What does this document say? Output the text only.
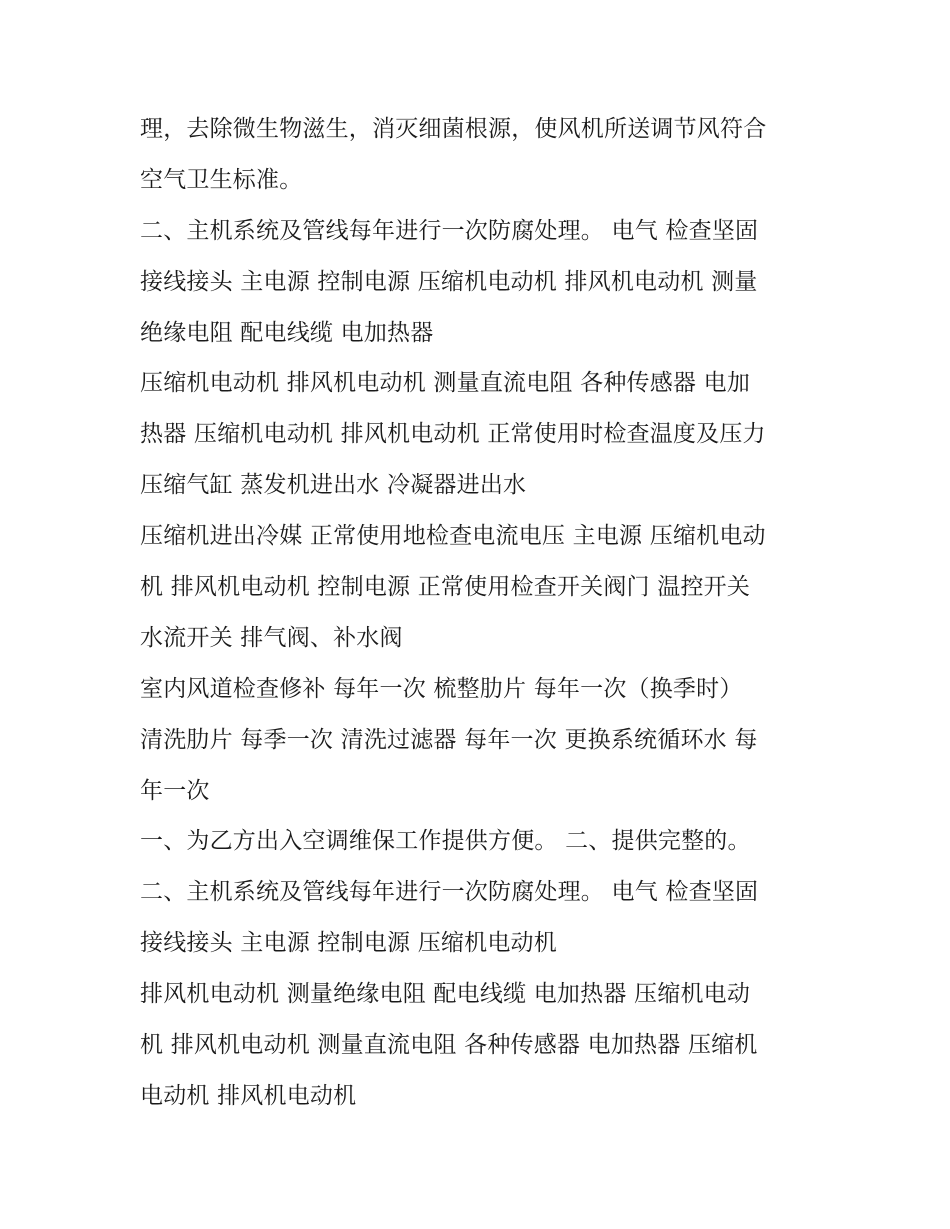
理，去除微生物滋生，消灭细菌根源，使风机所送调节风符合
空气卫生标准。
二、主机系统及管线每年进行一次防腐处理。 电气 检查坚固
接线接头 主电源 控制电源 压缩机电动机 排风机电动机 测量
绝缘电阻 配电线缆 电加热器
压缩机电动机 排风机电动机 测量直流电阻 各种传感器 电加
热器 压缩机电动机 排风机电动机 正常使用时检查温度及压力
压缩气缸 蒸发机进出水 冷凝器进出水
压缩机进出冷媒 正常使用地检查电流电压 主电源 压缩机电动
机 排风机电动机 控制电源 正常使用检查开关阀门 温控开关
水流开关 排气阀、补水阀
室内风道检查修补 每年一次 梳整肋片 每年一次（换季时）
清洗肋片 每季一次 清洗过滤器 每年一次 更换系统循环水 每
年一次
一、为乙方出入空调维保工作提供方便。 二、提供完整的。
二、主机系统及管线每年进行一次防腐处理。 电气 检查坚固
接线接头 主电源 控制电源 压缩机电动机
排风机电动机 测量绝缘电阻 配电线缆 电加热器 压缩机电动
机 排风机电动机 测量直流电阻 各种传感器 电加热器 压缩机
电动机 排风机电动机
